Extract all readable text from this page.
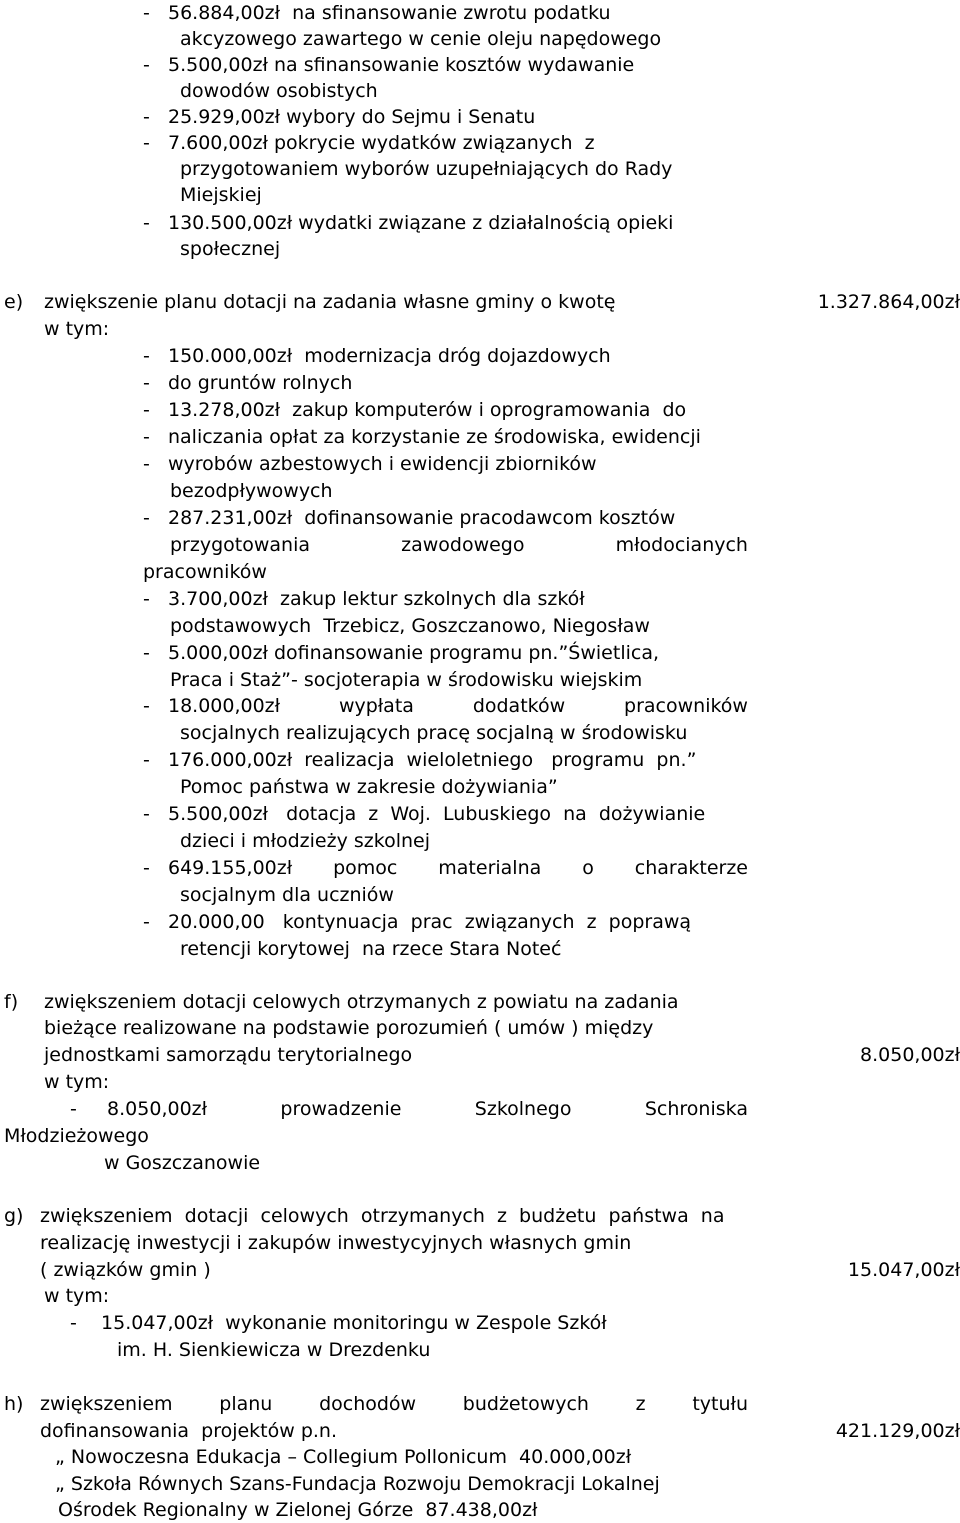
-   56.884,00zł  na sfinansowanie zwrotu podatku
akcyzowego zawartego w cenie oleju napędowego
-   5.500,00zł na sfinansowanie kosztów wydawanie
dowodów osobistych
-   25.929,00zł wybory do Sejmu i Senatu
-   7.600,00zł pokrycie wydatków związanych  z
przygotowaniem wyborów uzupełniających do Rady
Miejskiej
-   130.500,00zł wydatki związane z działalnością opieki
społecznej
e) zwiększenie planu dotacji na zadania własne gminy o kwotę	1.327.864,00zł
w tym:
-   150.000,00zł  modernizacja dróg dojazdowych
-   do gruntów rolnych
-   13.278,00zł  zakup komputerów i oprogramowania  do
-   naliczania opłat za korzystanie ze środowiska, ewidencji
-   wyrobów azbestowych i ewidencji zbiorników
bezodpływowych
-   287.231,00zł  dofinansowanie pracodawcom kosztów
przygotowania	zawodowego	młodocianych
pracowników
-   3.700,00zł  zakup lektur szkolnych dla szkół
podstawowych  Trzebicz, Goszczanowo, Niegosław
-   5.000,00zł dofinansowanie programu pn.”Świetlica,
Praca i Staż”- socjoterapia w środowisku wiejskim
-   18.000,00zł	wypłata	dodatków	pracowników
socjalnych realizujących pracę socjalną w środowisku
-   176.000,00zł  realizacja  wieloletniego   programu  pn.”
Pomoc państwa w zakresie dożywiania”
-   5.500,00zł   dotacja  z  Woj.  Lubuskiego  na  dożywianie
dzieci i młodzieży szkolnej
-   649.155,00zł pomoc materialna o charakterze
socjalnym dla uczniów
-   20.000,00   kontynuacja  prac  związanych  z  poprawą
retencji korytowej  na rzece Stara Noteć
f) zwiększeniem dotacji celowych otrzymanych z powiatu na zadania
bieżące realizowane na podstawie porozumień ( umów ) między
jednostkami samorządu terytorialnego	8.050,00zł
w tym:
-     8.050,00zł	prowadzenie	Szkolnego	Schroniska
Młodzieżowego
w Goszczanowie
g) zwiększeniem  dotacji  celowych  otrzymanych  z  budżetu  państwa  na
realizację inwestycji i zakupów inwestycyjnych własnych gmin
( związków gmin )	15.047,00zł
w tym:
-    15.047,00zł  wykonanie monitoringu w Zespole Szkół
im. H. Sienkiewicza w Drezdenku
h) zwiększeniem planu dochodów budżetowych z tytułu
dofinansowania  projektów p.n.	421.129,00zł
„ Nowoczesna Edukacja – Collegium Pollonicum  40.000,00zł
„ Szkoła Równych Szans-Fundacja Rozwoju Demokracji Lokalnej
Ośrodek Regionalny w Zielonej Górze  87.438,00zł
